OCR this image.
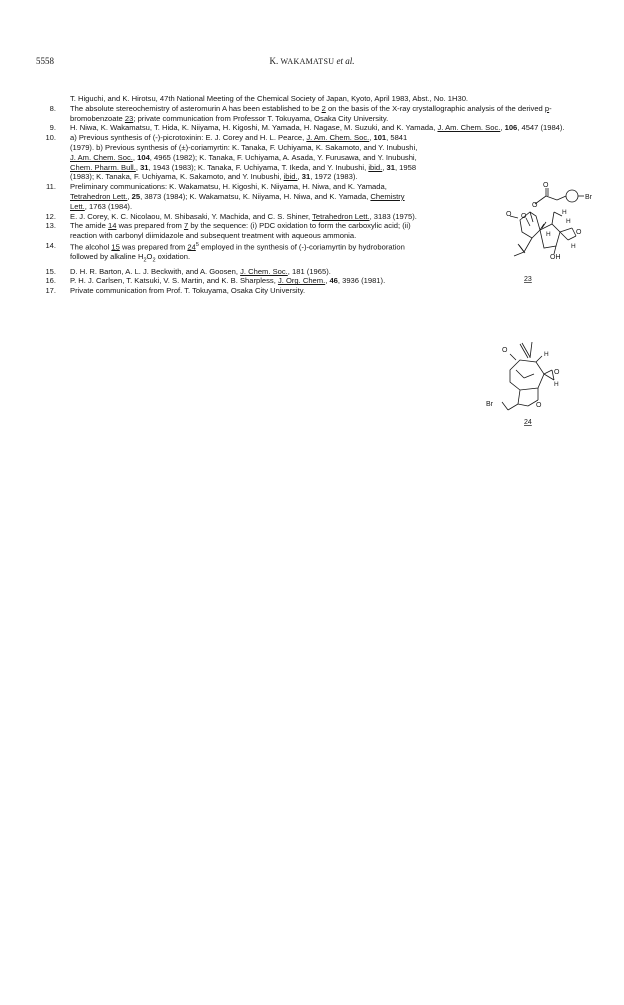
5558	K. WAKAMATSU et al.
T. Higuchi, and K. Hirotsu, 47th National Meeting of the Chemical Society of Japan, Kyoto, April 1983, Abst., No. 1H30.
8. The absolute stereochemistry of asteromurin A has been established to be 2 on the basis of the X-ray crystallographic analysis of the derived p-bromobenzoate 23; private communication from Professor T. Tokuyama, Osaka City University.
9. H. Niwa, K. Wakamatsu, T. Hida, K. Niiyama, H. Kigoshi, M. Yamada, H. Nagase, M. Suzuki, and K. Yamada, J. Am. Chem. Soc., 106, 4547 (1984).
10. a) Previous synthesis of (-)-picrotoxinin: E. J. Corey and H. L. Pearce, J. Am. Chem. Soc., 101, 5841 (1979). b) Previous synthesis of (±)-coriamyrtin: K. Tanaka, F. Uchiyama, K. Sakamoto, and Y. Inubushi, J. Am. Chem. Soc., 104, 4965 (1982); K. Tanaka, F. Uchiyama, A. Asada, Y. Furusawa, and Y. Inubushi, Chem. Pharm. Bull., 31, 1943 (1983); K. Tanaka, F. Uchiyama, T. Ikeda, and Y. Inubushi, ibid., 31, 1958 (1983); K. Tanaka, F. Uchiyama, K. Sakamoto, and Y. Inubushi, ibid., 31, 1972 (1983).
11. Preliminary communications: K. Wakamatsu, H. Kigoshi, K. Niiyama, H. Niwa, and K. Yamada, Tetrahedron Lett., 25, 3873 (1984); K. Wakamatsu, K. Niiyama, H. Niwa, and K. Yamada, Chemistry Lett., 1763 (1984).
12. E. J. Corey, K. C. Nicolaou, M. Shibasaki, Y. Machida, and C. S. Shiner, Tetrahedron Lett., 3183 (1975).
13. The amide 14 was prepared from 7 by the sequence: (i) PDC oxidation to form the carboxylic acid; (ii) reaction with carbonyl diimidazole and subsequent treatment with aqueous ammonia.
14. The alcohol 15 was prepared from $24^5$ employed in the synthesis of (-)-coriamyrtin by hydroboration followed by alkaline $H_2O_2$ oxidation.
15. D. H. R. Barton, A. L. J. Beckwith, and A. Goosen, J. Chem. Soc., 181 (1965).
16. P. H. J. Carlsen, T. Katsuki, V. S. Martin, and K. B. Sharpless, J. Org. Chem., 46, 3936 (1981).
17. Private communication from Prof. T. Tokuyama, Osaka City University.
O
Br
O
O O
H
H
O
H
OH
H
23
O
H
O
H
O
Br
24
